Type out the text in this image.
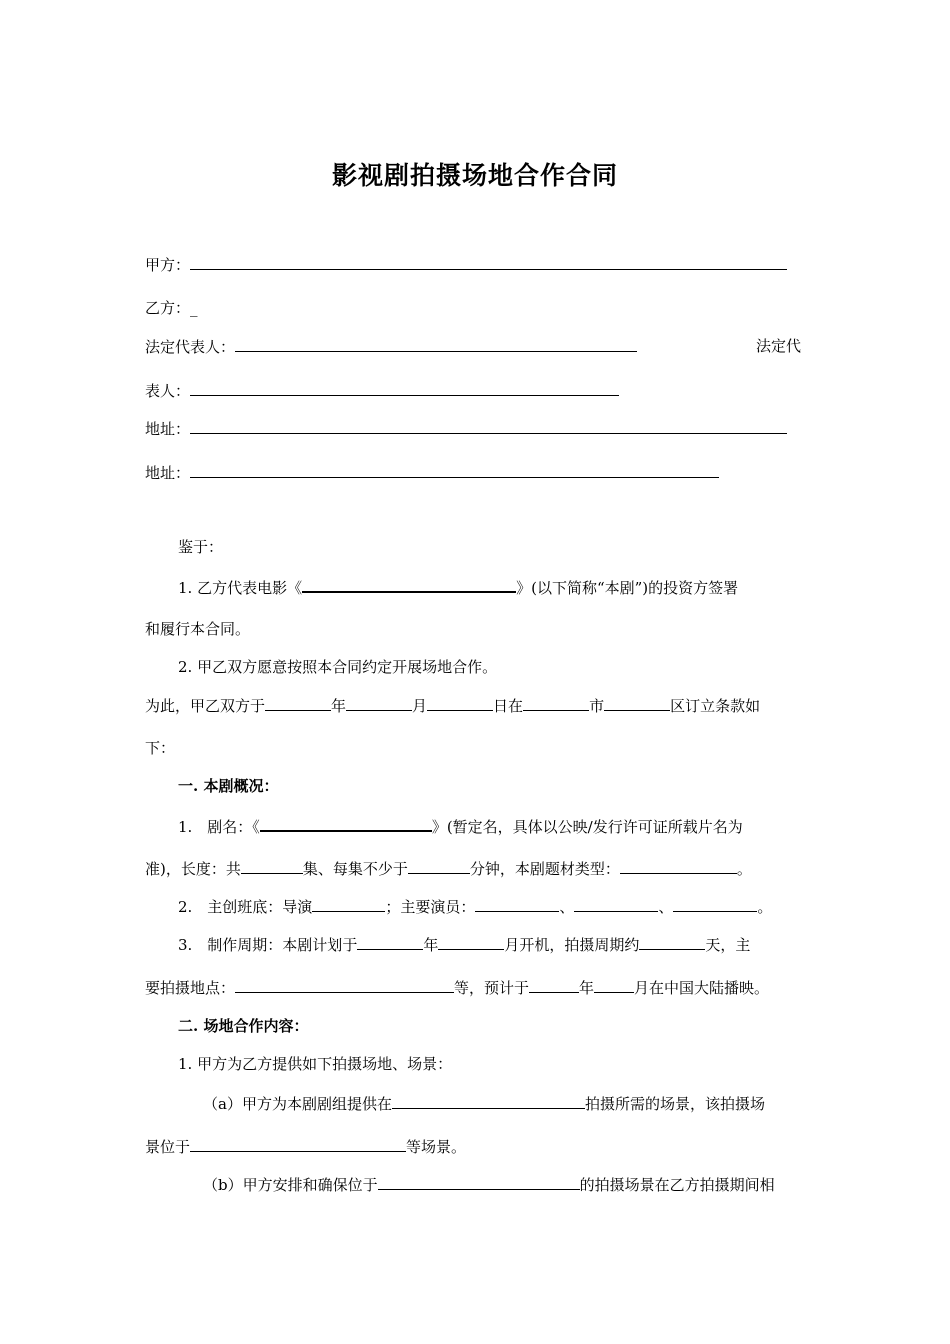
影视剧拍摄场地合作合同
甲方：
乙方：_
法定代表人：	法定代
表人：
地址：
地址：
鉴于：
1. 乙方代表电影《	》(以下简称“本剧”)的投资方签署
和履行本合同。
2. 甲乙双方愿意按照本合同约定开展场地合作。
为此，甲乙双方于	年	月	日在	市	区订立条款如
下：
一. 本剧概况：
1.　剧名：《	》(暂定名，具体以公映/发行许可证所载片名为
准)，长度：共	集、每集不少于	分钟，本剧题材类型：	。
2.　主创班底：导演	；主要演员：	、	、	。
3.　制作周期：本剧计划于	年	月开机，拍摄周期约	天，主
要拍摄地点：	等，预计于	年	月在中国大陆播映。
二. 场地合作内容：
1. 甲方为乙方提供如下拍摄场地、场景：
（a）甲方为本剧剧组提供在	拍摄所需的场景，该拍摄场
景位于	等场景。
（b）甲方安排和确保位于	的拍摄场景在乙方拍摄期间相
